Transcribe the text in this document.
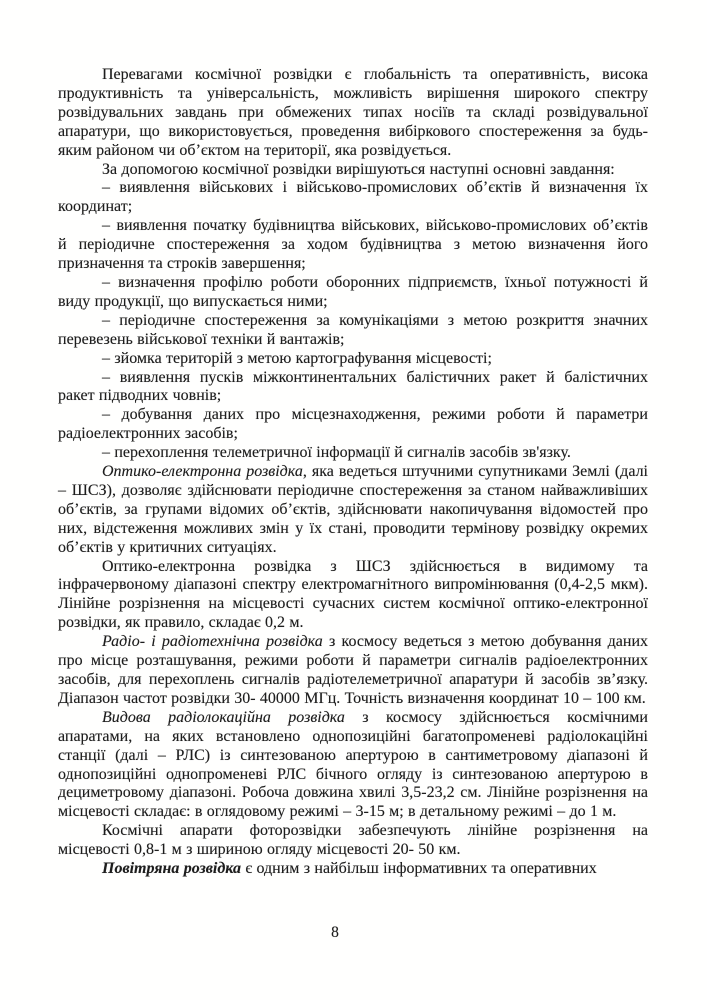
Перевагами космічної розвідки є глобальність та оперативність, висока продуктивність та універсальність, можливість вирішення широкого спектру розвідувальних завдань при обмежених типах носіїв та складі розвідувальної апаратури, що використовується, проведення вибіркового спостереження за будь-яким районом чи об’єктом на території, яка розвідується.

За допомогою космічної розвідки вирішуються наступні основні завдання:

– виявлення військових і військово-промислових об’єктів й визначення їх координат;

– виявлення початку будівництва військових, військово-промислових об’єктів й періодичне спостереження за ходом будівництва з метою визначення його призначення та строків завершення;

– визначення профілю роботи оборонних підприємств, їхньої потужності й виду продукції, що випускається ними;

– періодичне спостереження за комунікаціями з метою розкриття значних перевезень військової техніки й вантажів;

– зйомка територій з метою картографування місцевості;

– виявлення пусків міжконтинентальних балістичних ракет й балістичних ракет підводних човнів;

– добування даних про місцезнаходження, режими роботи й параметри радіоелектронних засобів;

– перехоплення телеметричної інформації й сигналів засобів зв'язку.

Оптико-електронна розвідка, яка ведеться штучними супутниками Землі (далі – ШСЗ), дозволяє здійснювати періодичне спостереження за станом найважливіших об’єктів, за групами відомих об’єктів, здійснювати накопичування відомостей про них, відстеження можливих змін у їх стані, проводити термінову розвідку окремих об’єктів у критичних ситуаціях.

Оптико-електронна розвідка з ШСЗ здійснюється в видимому та інфрачервоному діапазоні спектру електромагнітного випромінювання (0,4-2,5 мкм). Лінійне розрізнення на місцевості сучасних систем космічної оптико-електронної розвідки, як правило, складає 0,2 м.

Радіо- і радіотехнічна розвідка з космосу ведеться з метою добування даних про місце розташування, режими роботи й параметри сигналів радіоелектронних засобів, для перехоплень сигналів радіотелеметричної апаратури й засобів зв’язку. Діапазон частот розвідки 30- 40000 МГц. Точність визначення координат 10 – 100 км.

Видова радіолокаційна розвідка з космосу здійснюється космічними апаратами, на яких встановлено однопозиційні багатопроменеві радіолокаційні станції (далі – РЛС) із синтезованою апертурою в сантиметровому діапазоні й однопозиційні однопроменеві РЛС бічного огляду із синтезованою апертурою в дециметровому діапазоні. Робоча довжина хвилі 3,5-23,2 см. Лінійне розрізнення на місцевості складає: в оглядовому режимі – 3-15 м; в детальному режимі – до 1 м.

Космічні апарати фоторозвідки забезпечують лінійне розрізнення на місцевості 0,8-1 м з шириною огляду місцевості 20- 50 км.

Повітряна розвідка є одним з найбільш інформативних та оперативних

8
